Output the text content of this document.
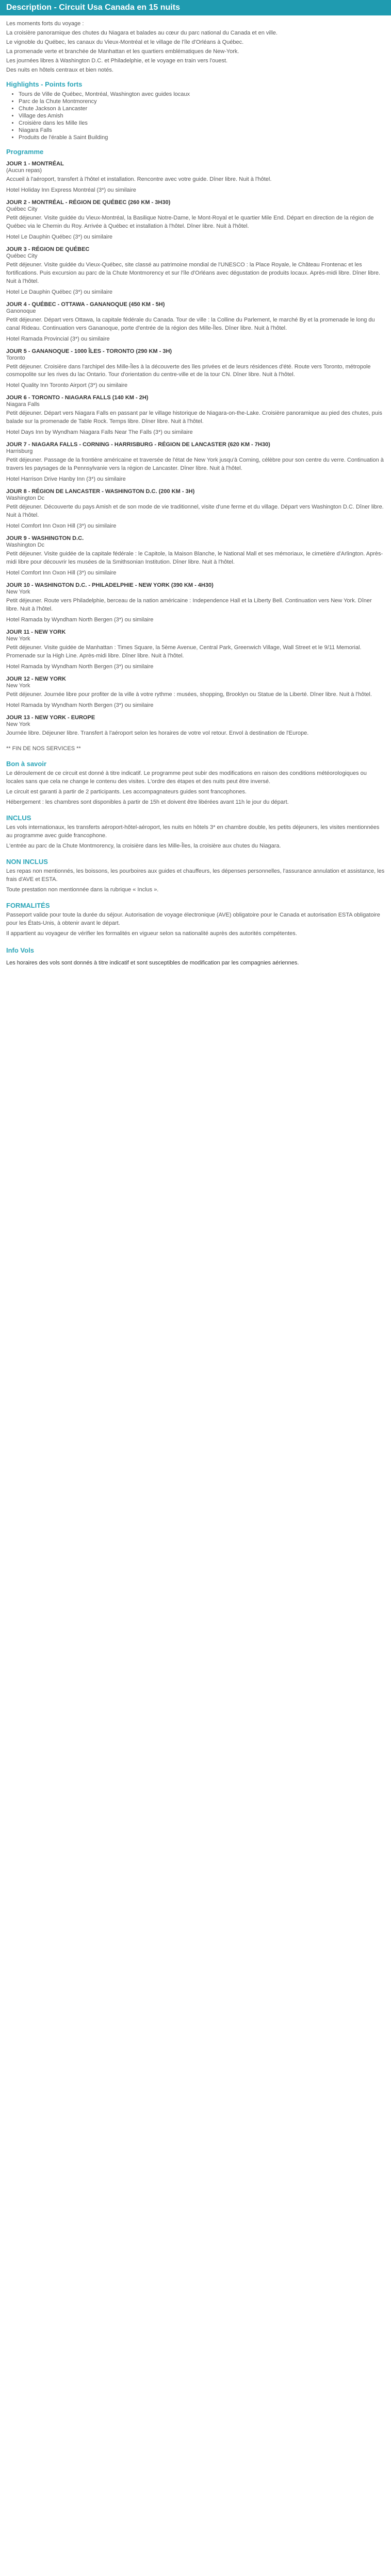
Description - Circuit Usa Canada en 15 nuits

Les moments forts du voyage :

La croisière panoramique des chutes du Niagara et balades au cœur du parc national du Canada et en ville.

Le vignoble du Québec, les canaux du Vieux-Montréal et le village de l'île d'Orléans à Québec.

La promenade verte et branchée de Manhattan et les quartiers emblématiques de New-York.

Les journées libres à Washington D.C. et Philadelphie, et le voyage en train vers l'ouest.

Des nuits en hôtels centraux et bien notés.

Highlights - Points forts
• Tours de Ville de Québec, Montréal, Washington avec guides locaux
• Parc de la Chute Montmorency
• Chute Jackson à Lancaster
• Village des Amish
• Croisière dans les Mille Iles
• Niagara Falls
• Produits de l'érable à Saint Building
Programme
JOUR 1 - MONTRÉAL
(Aucun repas)
Accueil à l'aéroport, transfert à l'hôtel et installation. Rencontre avec votre guide. Dîner libre. Nuit à l'hôtel.
Hotel Holiday Inn Express Montréal (3*) ou similaire
JOUR 2 - MONTRÉAL - RÉGION DE QUÉBEC (260 KM - 3H30)
Québec City
Petit déjeuner. Visite guidée du Vieux-Montréal, la Basilique Notre-Dame, le Mont-Royal et le quartier Mile End. Départ en direction de la région de Québec via le Chemin du Roy. Arrivée à Québec et installation à l'hôtel. Dîner libre. Nuit à l'hôtel.
Hotel Le Dauphin Québec (3*) ou similaire
JOUR 3 - RÉGION DE QUÉBEC
Québec City
Petit déjeuner. Visite guidée du Vieux-Québec, site classé au patrimoine mondial de l'UNESCO : la Place Royale, le Château Frontenac et les fortifications. Puis excursion au parc de la Chute Montmorency et sur l'île d'Orléans avec dégustation de produits locaux. Après-midi libre. Dîner libre. Nuit à l'hôtel.
Hotel Le Dauphin Québec (3*) ou similaire
JOUR 4 - QUÉBEC - OTTAWA - GANANOQUE (450 KM - 5H)
Ganonoque
Petit déjeuner. Départ vers Ottawa, la capitale fédérale du Canada. Tour de ville : la Colline du Parlement, le marché By et la promenade le long du canal Rideau. Continuation vers Gananoque, porte d'entrée de la région des Mille-Îles. Dîner libre. Nuit à l'hôtel.
Hotel Ramada Provincial (3*) ou similaire
JOUR 5 - GANANOQUE - 1000 ÎLES - TORONTO (290 KM - 3H)
Toronto
Petit déjeuner. Croisière dans l'archipel des Mille-Îles à la découverte des îles privées et de leurs résidences d'été. Route vers Toronto, métropole cosmopolite sur les rives du lac Ontario. Tour d'orientation du centre-ville et de la tour CN. Dîner libre. Nuit à l'hôtel.
Hotel Quality Inn Toronto Airport (3*) ou similaire
JOUR 6 - TORONTO - NIAGARA FALLS (140 KM - 2H)
Niagara Falls
Petit déjeuner. Départ vers Niagara Falls en passant par le village historique de Niagara-on-the-Lake. Croisière panoramique au pied des chutes, puis balade sur la promenade de Table Rock. Temps libre. Dîner libre. Nuit à l'hôtel.
Hotel Days Inn by Wyndham Niagara Falls Near The Falls (3*) ou similaire
JOUR 7 - NIAGARA FALLS - CORNING - HARRISBURG - RÉGION DE LANCASTER (620 KM - 7H30)
Harrisburg
Petit déjeuner. Passage de la frontière américaine et traversée de l'état de New York jusqu'à Corning, célèbre pour son centre du verre. Continuation à travers les paysages de la Pennsylvanie vers la région de Lancaster. Dîner libre. Nuit à l'hôtel.
Hotel Harrison Drive Hanby Inn (3*) ou similaire
JOUR 8 - RÉGION DE LANCASTER - WASHINGTON D.C. (200 KM - 3H)
Washington Dc
Petit déjeuner. Découverte du pays Amish et de son mode de vie traditionnel, visite d'une ferme et du village. Départ vers Washington D.C. Dîner libre. Nuit à l'hôtel.
Hotel Comfort Inn Oxon Hill (3*) ou similaire
JOUR 9 - WASHINGTON D.C.
Washington Dc
Petit déjeuner. Visite guidée de la capitale fédérale : le Capitole, la Maison Blanche, le National Mall et ses mémoriaux, le cimetière d'Arlington. Après-midi libre pour découvrir les musées de la Smithsonian Institution. Dîner libre. Nuit à l'hôtel.
Hotel Comfort Inn Oxon Hill (3*) ou similaire
JOUR 10 - WASHINGTON D.C. - PHILADELPHIE - NEW YORK (390 KM - 4H30)
New York
Petit déjeuner. Route vers Philadelphie, berceau de la nation américaine : Independence Hall et la Liberty Bell. Continuation vers New York. Dîner libre. Nuit à l'hôtel.
Hotel Ramada by Wyndham North Bergen (3*) ou similaire
JOUR 11 - NEW YORK
New York
Petit déjeuner. Visite guidée de Manhattan : Times Square, la 5ème Avenue, Central Park, Greenwich Village, Wall Street et le 9/11 Memorial. Promenade sur la High Line. Après-midi libre. Dîner libre. Nuit à l'hôtel.
Hotel Ramada by Wyndham North Bergen (3*) ou similaire
JOUR 12 - NEW YORK
New York
Petit déjeuner. Journée libre pour profiter de la ville à votre rythme : musées, shopping, Brooklyn ou Statue de la Liberté. Dîner libre. Nuit à l'hôtel.
Hotel Ramada by Wyndham North Bergen (3*) ou similaire
JOUR 13 - NEW YORK - EUROPE
New York
Journée libre. Déjeuner libre. Transfert à l'aéroport selon les horaires de votre vol retour. Envol à destination de l'Europe.

** FIN DE NOS SERVICES **

Bon à savoir

Le déroulement de ce circuit est donné à titre indicatif. Le programme peut subir des modifications en raison des conditions météorologiques ou locales sans que cela ne change le contenu des visites. L'ordre des étapes et des nuits peut être inversé.

Le circuit est garanti à partir de 2 participants. Les accompagnateurs guides sont francophones.

Hébergement : les chambres sont disponibles à partir de 15h et doivent être libérées avant 11h le jour du départ.

INCLUS

Les vols internationaux, les transferts aéroport-hôtel-aéroport, les nuits en hôtels 3* en chambre double, les petits déjeuners, les visites mentionnées au programme avec guide francophone.

L'entrée au parc de la Chute Montmorency, la croisière dans les Mille-Îles, la croisière aux chutes du Niagara.

NON INCLUS

Les repas non mentionnés, les boissons, les pourboires aux guides et chauffeurs, les dépenses personnelles, l'assurance annulation et assistance, les frais d'AVE et ESTA.

Toute prestation non mentionnée dans la rubrique « Inclus ».

FORMALITÉS

Passeport valide pour toute la durée du séjour. Autorisation de voyage électronique (AVE) obligatoire pour le Canada et autorisation ESTA obligatoire pour les États-Unis, à obtenir avant le départ.

Il appartient au voyageur de vérifier les formalités en vigueur selon sa nationalité auprès des autorités compétentes.

Info Vols

Les horaires des vols sont donnés à titre indicatif et sont susceptibles de modification par les compagnies aériennes.
